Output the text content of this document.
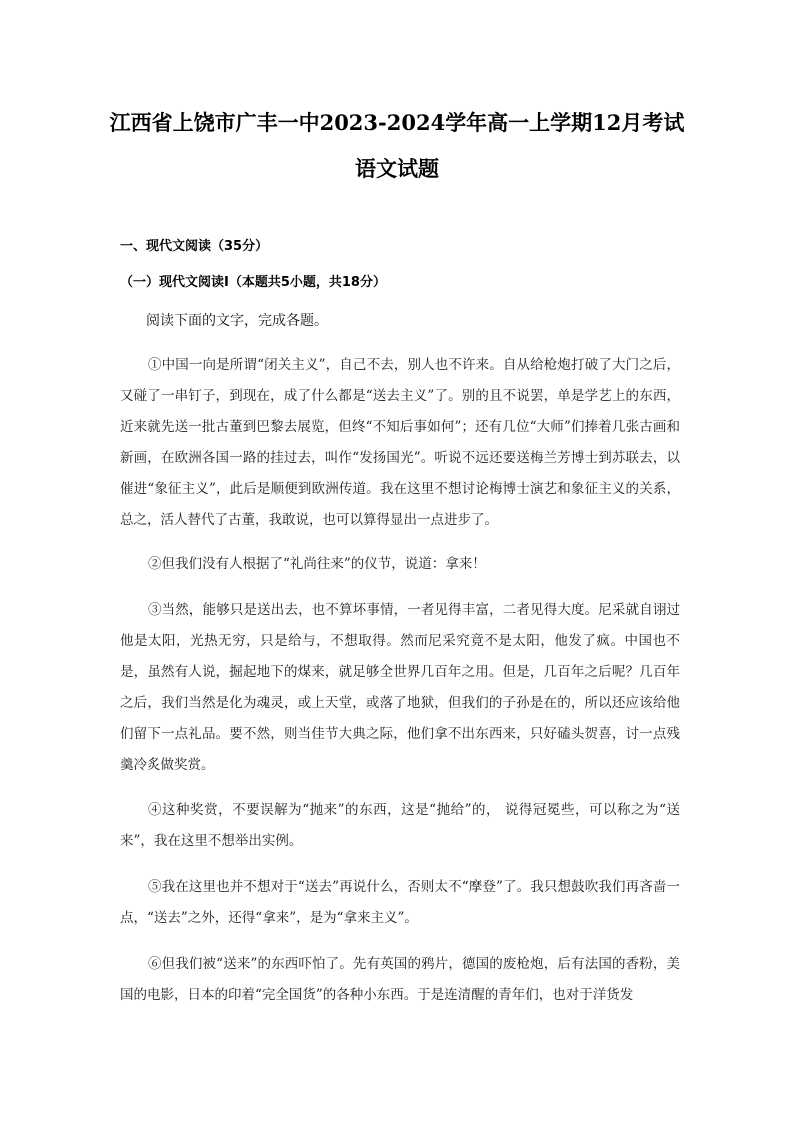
江西省上饶市广丰一中2023-2024学年高一上学期12月考试语文试题
一、现代文阅读（35分）
（一）现代文阅读Ⅰ（本题共5小题，共18分）
阅读下面的文字，完成各题。

①中国一向是所谓“闭关主义”，自己不去，别人也不许来。自从给枪炮打破了大门之后，又碰了一串钉子，到现在，成了什么都是“送去主义”了。别的且不说罢，单是学艺上的东西，近来就先送一批古董到巴黎去展览，但终“不知后事如何”；还有几位“大师”们捧着几张古画和新画，在欧洲各国一路的挂过去，叫作“发扬国光”。听说不远还要送梅兰芳博士到苏联去，以催进“象征主义”，此后是顺便到欧洲传道。我在这里不想讨论梅博士演艺和象征主义的关系，总之，活人替代了古董，我敢说，也可以算得显出一点进步了。

②但我们没有人根据了“礼尚往来”的仪节，说道：拿来！

③当然，能够只是送出去，也不算坏事情，一者见得丰富，二者见得大度。尼采就自诩过他是太阳，光热无穷，只是给与，不想取得。然而尼采究竟不是太阳，他发了疯。中国也不是，虽然有人说，掘起地下的煤来，就足够全世界几百年之用。但是，几百年之后呢？几百年之后，我们当然是化为魂灵，或上天堂，或落了地狱，但我们的子孙是在的，所以还应该给他们留下一点礼品。要不然，则当佳节大典之际，他们拿不出东西来，只好磕头贺喜，讨一点残羹冷炙做奖赏。

④这种奖赏，不要误解为“抛来”的东西，这是“抛给”的， 说得冠冕些，可以称之为“送来”，我在这里不想举出实例。

⑤我在这里也并不想对于“送去”再说什么，否则太不“摩登”了。我只想鼓吹我们再吝啬一点，“送去”之外，还得“拿来”，是为“拿来主义”。

⑥但我们被“送来”的东西吓怕了。先有英国的鸦片，德国的废枪炮，后有法国的香粉，美国的电影，日本的印着“完全国货”的各种小东西。于是连清醒的青年们，也对于洋货发
